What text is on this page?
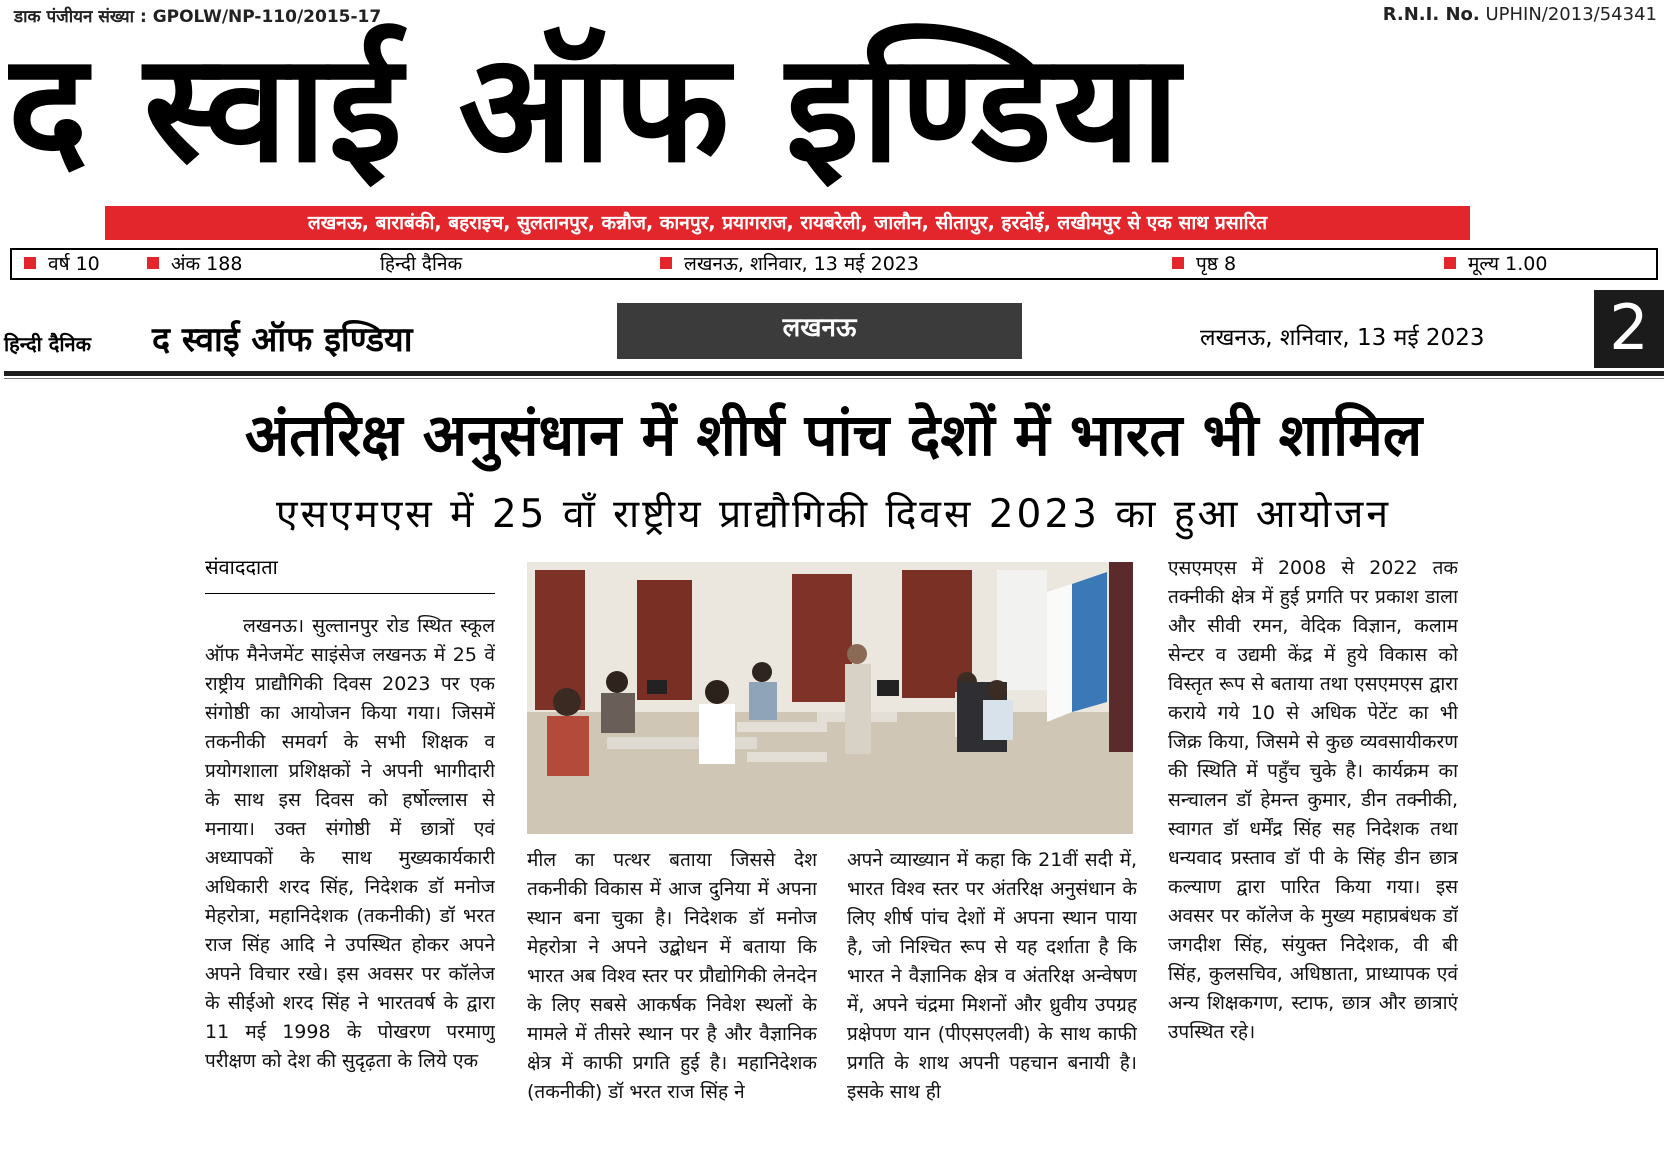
डाक पंजीयन संख्या : GPOLW/NP-110/2015-17	R.N.I. No. UPHIN/2013/54341
द स्वाई ऑफ इण्डिया
लखनऊ, बाराबंकी, बहराइच, सुलतानपुर, कन्नौज, कानपुर, प्रयागराज, रायबरेली, जालौन, सीतापुर, हरदोई, लखीमपुर से एक साथ प्रसारित
वर्ष 10	अंक 188	हिन्दी दैनिक	लखनऊ, शनिवार, 13 मई 2023	पृष्ठ 8	मूल्य 1.00
हिन्दी दैनिक द स्वाई ऑफ इण्डिया	लखनऊ	लखनऊ, शनिवार, 13 मई 2023 2
अंतरिक्ष अनुसंधान में शीर्ष पांच देशों में भारत भी शामिल
एसएमएस में 25 वाँ राष्ट्रीय प्राद्यौगिकी दिवस 2023 का हुआ आयोजन
संवाददाता

लखनऊ। सुल्तानपुर रोड स्थित स्कूल ऑफ मैनेजमेंट साइंसेज लखनऊ में 25 वें राष्ट्रीय प्राद्यौगिकी दिवस 2023 पर एक संगोष्ठी का आयोजन किया गया। जिसमें तकनीकी समवर्ग के सभी शिक्षक व प्रयोगशाला प्रशिक्षकों ने अपनी भागीदारी के साथ इस दिवस को हर्षोल्लास से मनाया। उक्त संगोष्ठी में छात्रों एवं अध्यापकों के साथ मुख्यकार्यकारी अधिकारी शरद सिंह, निदेशक डॉ मनोज मेहरोत्रा, महानिदेशक (तकनीकी) डॉ भरत राज सिंह आदि ने उपस्थित होकर अपने अपने विचार रखे। इस अवसर पर कॉलेज के सीईओ शरद सिंह ने भारतवर्ष के द्वारा 11 मई 1998 के पोखरण परमाणु परीक्षण को देश की सुदृढ़ता के लिये एक

मील का पत्थर बताया जिससे देश तकनीकी विकास में आज दुनिया में अपना स्थान बना चुका है। निदेशक डॉ मनोज मेहरोत्रा ने अपने उद्बोधन में बताया कि भारत अब विश्व स्तर पर प्रौद्योगिकी लेनदेन के लिए सबसे आकर्षक निवेश स्थलों के मामले में तीसरे स्थान पर है और वैज्ञानिक क्षेत्र में काफी प्रगति हुई है। महानिदेशक (तकनीकी) डॉ भरत राज सिंह ने

अपने व्याख्यान में कहा कि 21वीं सदी में, भारत विश्व स्तर पर अंतरिक्ष अनुसंधान के लिए शीर्ष पांच देशों में अपना स्थान पाया है, जो निश्चित रूप से यह दर्शाता है कि भारत ने वैज्ञानिक क्षेत्र व अंतरिक्ष अन्वेषण में, अपने चंद्रमा मिशनों और ध्रुवीय उपग्रह प्रक्षेपण यान (पीएसएलवी) के साथ काफी प्रगति के शाथ अपनी पहचान बनायी है। इसके साथ ही

एसएमएस में 2008 से 2022 तक तक्नीकी क्षेत्र में हुई प्रगति पर प्रकाश डाला और सीवी रमन, वेदिक विज्ञान, कलाम सेन्टर व उद्यमी केंद्र में हुये विकास को विस्तृत रूप से बताया तथा एसएमएस द्वारा कराये गये 10 से अधिक पेटेंट का भी जिक्र किया, जिसमे से कुछ व्यवसायीकरण की स्थिति में पहुँच चुके है। कार्यक्रम का सन्चालन डॉ हेमन्त कुमार, डीन तक्नीकी, स्वागत डॉ धर्मेंद्र सिंह सह निदेशक तथा धन्यवाद प्रस्ताव डॉ पी के सिंह डीन छात्र कल्याण द्वारा पारित किया गया। इस अवसर पर कॉलेज के मुख्य महाप्रबंधक डॉ जगदीश सिंह, संयुक्त निदेशक, वी बी सिंह, कुलसचिव, अधिष्ठाता, प्राध्यापक एवं अन्य शिक्षकगण, स्टाफ, छात्र और छात्राएं उपस्थित रहे।
